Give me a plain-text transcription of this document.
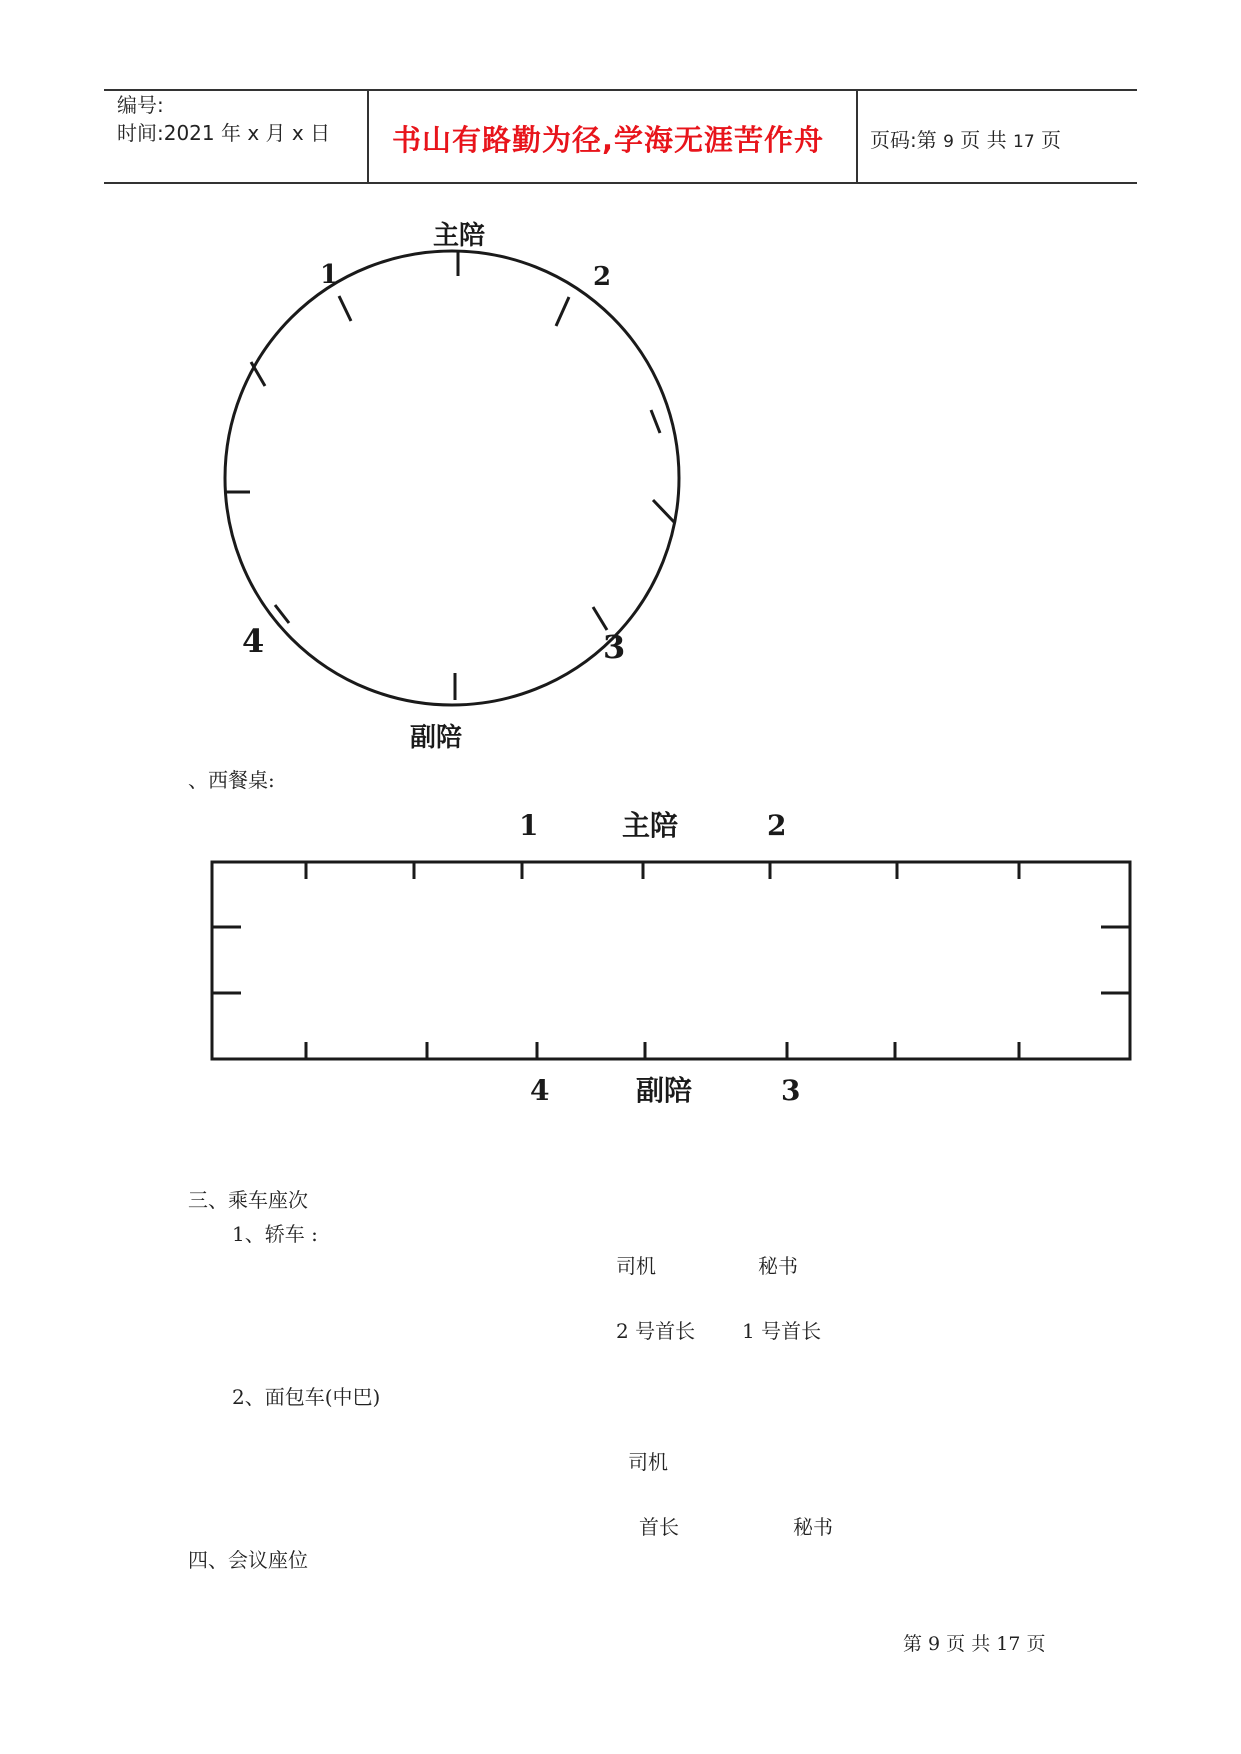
编号:
时间:2021 年 x 月 x 日 书山有路勤为径,学海无涯苦作舟 页码:第 9 页 共 17 页
1	2
3
4
主陪
副陪
、西餐桌:
1	主陪	2
4	副陪	3
三、乘车座次
1、轿车 :
司机	秘书
2 号首长 1 号首长
2、面包车(中巴)
司机
首长	秘书
四、会议座位
第 9 页 共 17 页
